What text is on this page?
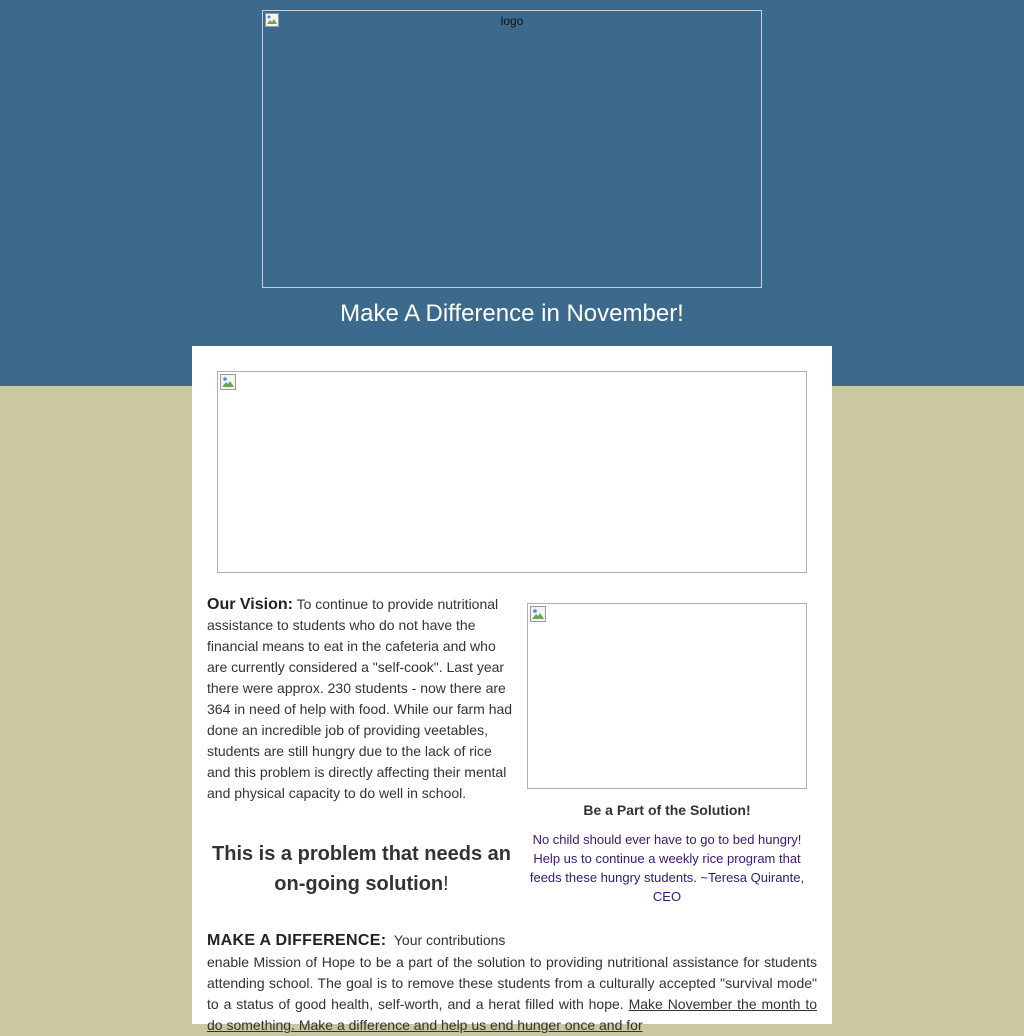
logo
Make A Difference in November!
Our Vision: To continue to provide nutritional assistance to students who do not have the financial means to eat in the cafeteria and who are currently considered a "self-cook". Last year there were approx. 230 students - now there are 364 in need of help with food. While our farm had done an incredible job of providing veetables, students are still hungry due to the lack of rice and this problem is directly affecting their mental and physical capacity to do well in school.
This is a problem that needs an on-going solution!
Be a Part of the Solution!
No child should ever have to go to bed hungry! Help us to continue a weekly rice program that feeds these hungry students. ~Teresa Quirante, CEO
MAKE A DIFFERENCE: Your contributions
enable Mission of Hope to be a part of the solution to providing nutritional assistance for students attending school. The goal is to remove these students from a culturally accepted "survival mode" to a status of good health, self-worth, and a herat filled with hope. Make November the month to do something. Make a difference and help us end hunger once and for
